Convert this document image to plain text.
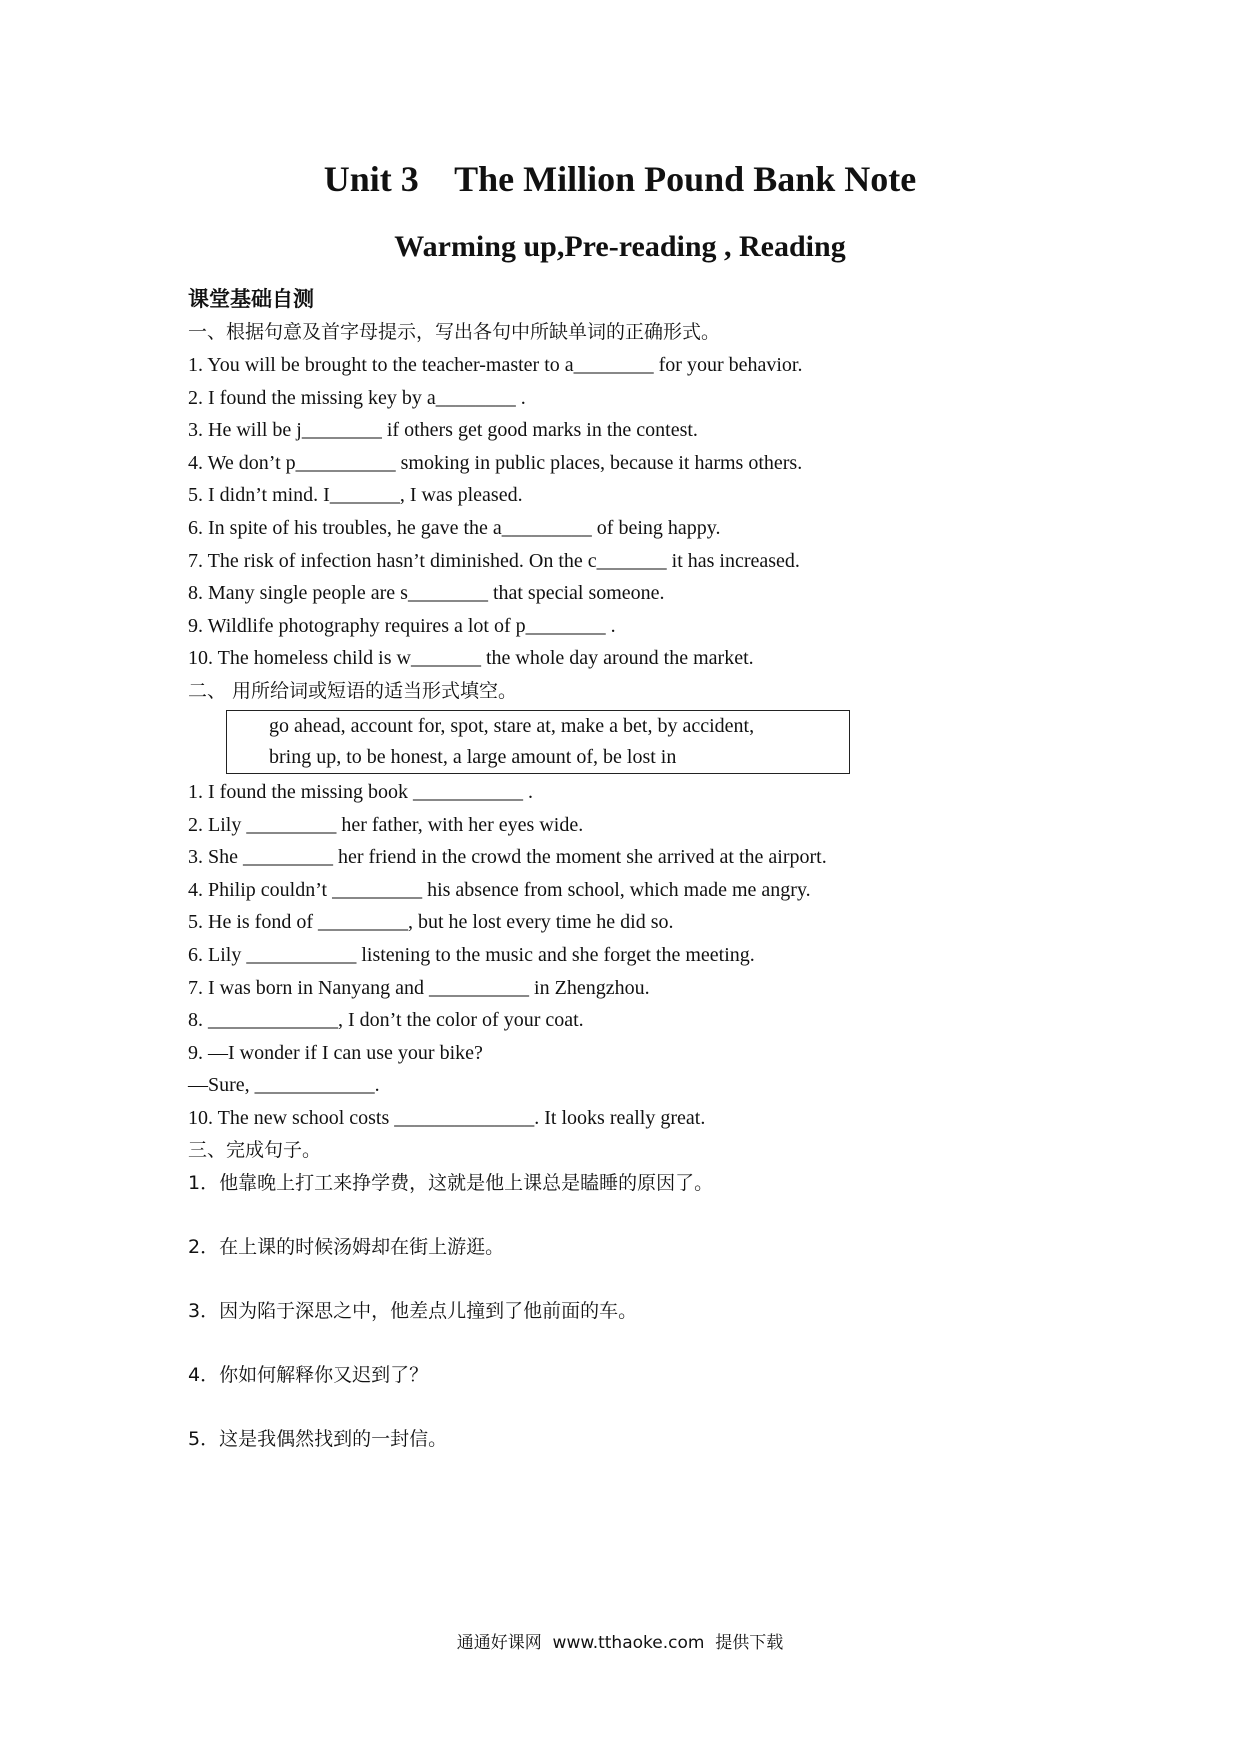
Unit 3    The Million Pound Bank Note
Warming up,Pre-reading , Reading
课堂基础自测
一、根据句意及首字母提示，写出各句中所缺单词的正确形式。
1. You will be brought to the teacher-master to a________ for your behavior.
2. I found the missing key by a________ .
3. He will be j________ if others get good marks in the contest.
4. We don’t p__________ smoking in public places, because it harms others.
5. I didn’t mind. I_______, I was pleased.
6. In spite of his troubles, he gave the a_________ of being happy.
7. The risk of infection hasn’t diminished. On the c_______ it has increased.
8. Many single people are s________ that special someone.
9. Wildlife photography requires a lot of p________ .
10. The homeless child is w_______ the whole day around the market.
二、 用所给词或短语的适当形式填空。
go ahead, account for, spot, stare at, make a bet, by accident,
bring up, to be honest, a large amount of, be lost in
1. I found the missing book ___________ .
2. Lily _________ her father, with her eyes wide.
3. She _________ her friend in the crowd the moment she arrived at the airport.
4. Philip couldn’t _________ his absence from school, which made me angry.
5. He is fond of _________, but he lost every time he did so.
6. Lily ___________ listening to the music and she forget the meeting.
7. I was born in Nanyang and __________ in Zhengzhou.
8. _____________, I don’t the color of your coat.
9. —I wonder if I can use your bike?
—Sure, ____________.
10. The new school costs ______________. It looks really great.
三、完成句子。
1．他靠晚上打工来挣学费，这就是他上课总是瞌睡的原因了。
2．在上课的时候汤姆却在街上游逛。
3．因为陷于深思之中，他差点儿撞到了他前面的车。
4．你如何解释你又迟到了？
5．这是我偶然找到的一封信。
通通好课网  www.tthaoke.com  提供下载
